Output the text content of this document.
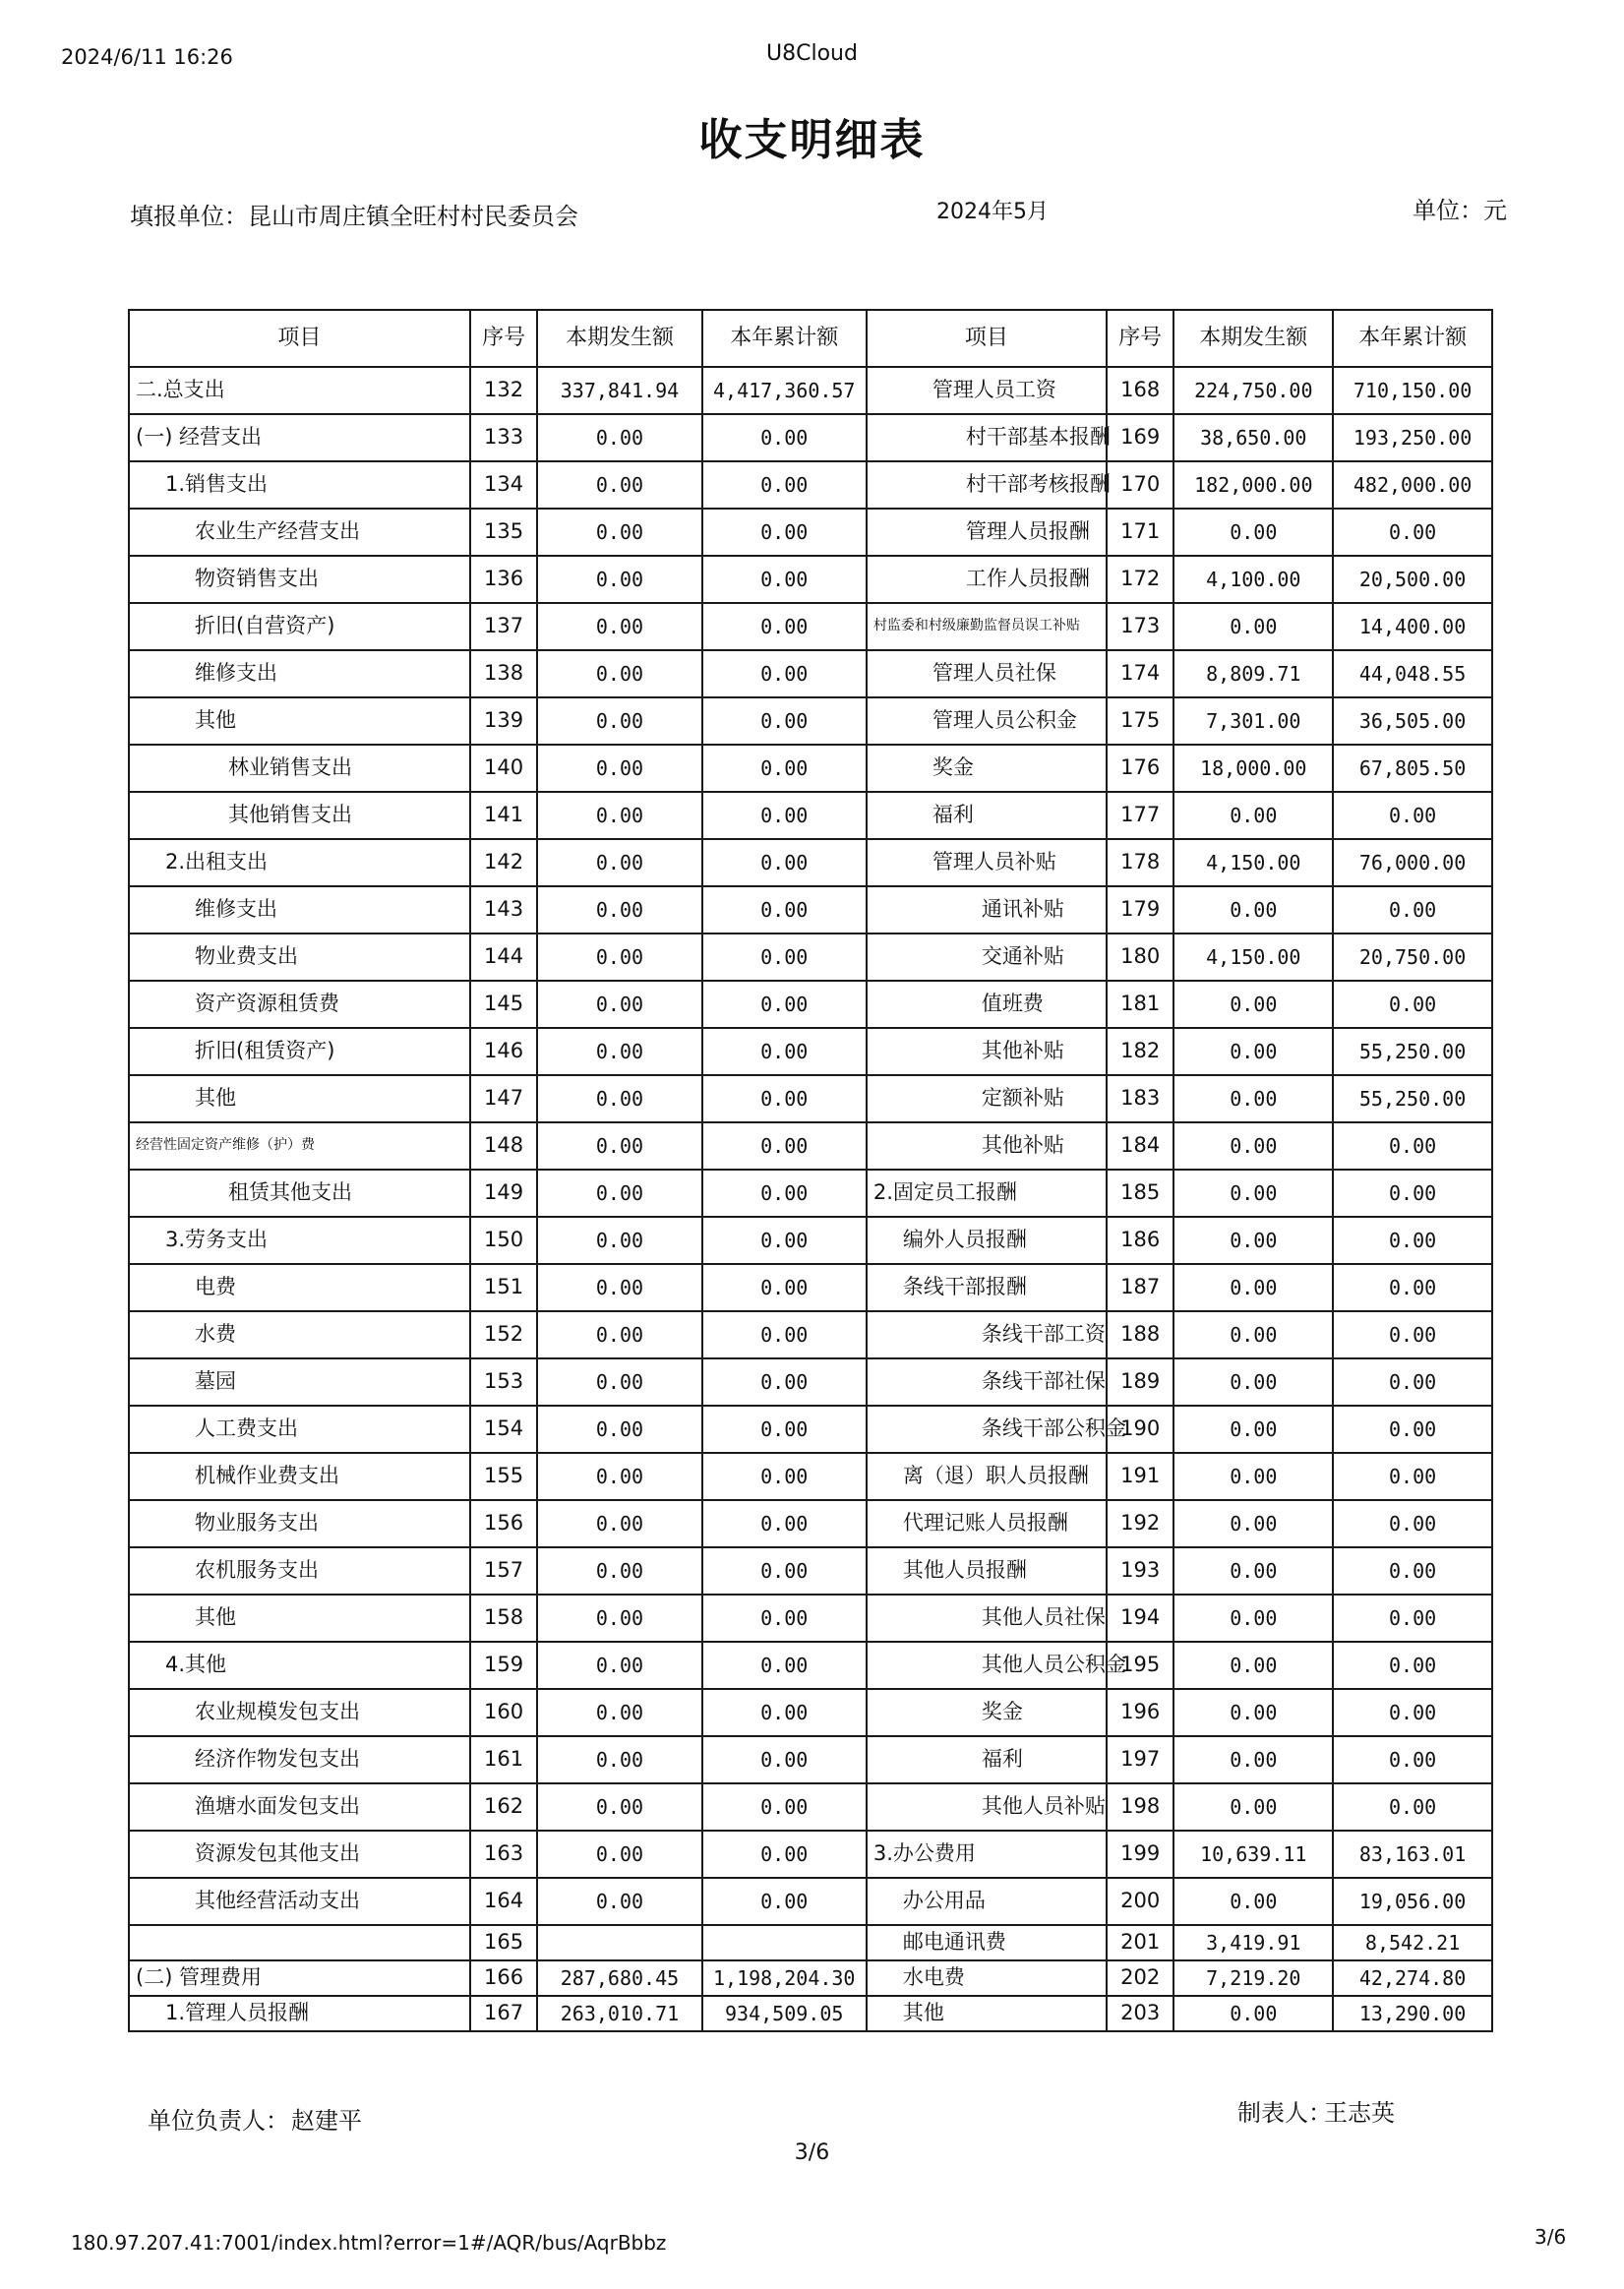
2024/6/11 16:26	U8Cloud
收支明细表
填报单位：昆山市周庄镇全旺村村民委员会	2024年5月	单位：元
项目	序号	本期发生额	本年累计额	项目	序号	本期发生额	本年累计额
二.总支出	132	337,841.94	4,417,360.57	管理人员工资	168	224,750.00	710,150.00
(一) 经营支出	133	0.00	0.00	村干部基本报酬	169	38,650.00	193,250.00
1.销售支出	134	0.00	0.00	村干部考核报酬	170	182,000.00	482,000.00
农业生产经营支出	135	0.00	0.00	管理人员报酬	171	0.00	0.00
物资销售支出	136	0.00	0.00	工作人员报酬	172	4,100.00	20,500.00
折旧(自营资产)	137	0.00	0.00	村监委和村级廉勤监督员误工补贴	173	0.00	14,400.00
维修支出	138	0.00	0.00	管理人员社保	174	8,809.71	44,048.55
其他	139	0.00	0.00	管理人员公积金	175	7,301.00	36,505.00
林业销售支出	140	0.00	0.00	奖金	176	18,000.00	67,805.50
其他销售支出	141	0.00	0.00	福利	177	0.00	0.00
2.出租支出	142	0.00	0.00	管理人员补贴	178	4,150.00	76,000.00
维修支出	143	0.00	0.00	通讯补贴	179	0.00	0.00
物业费支出	144	0.00	0.00	交通补贴	180	4,150.00	20,750.00
资产资源租赁费	145	0.00	0.00	值班费	181	0.00	0.00
折旧(租赁资产)	146	0.00	0.00	其他补贴	182	0.00	55,250.00
其他	147	0.00	0.00	定额补贴	183	0.00	55,250.00
经营性固定资产维修（护）费	148	0.00	0.00	其他补贴	184	0.00	0.00
租赁其他支出	149	0.00	0.00	2.固定员工报酬	185	0.00	0.00
3.劳务支出	150	0.00	0.00	编外人员报酬	186	0.00	0.00
电费	151	0.00	0.00	条线干部报酬	187	0.00	0.00
水费	152	0.00	0.00	条线干部工资	188	0.00	0.00
墓园	153	0.00	0.00	条线干部社保	189	0.00	0.00
人工费支出	154	0.00	0.00	条线干部公积金	190	0.00	0.00
机械作业费支出	155	0.00	0.00	离（退）职人员报酬	191	0.00	0.00
物业服务支出	156	0.00	0.00	代理记账人员报酬	192	0.00	0.00
农机服务支出	157	0.00	0.00	其他人员报酬	193	0.00	0.00
其他	158	0.00	0.00	其他人员社保	194	0.00	0.00
4.其他	159	0.00	0.00	其他人员公积金	195	0.00	0.00
农业规模发包支出	160	0.00	0.00	奖金	196	0.00	0.00
经济作物发包支出	161	0.00	0.00	福利	197	0.00	0.00
渔塘水面发包支出	162	0.00	0.00	其他人员补贴	198	0.00	0.00
资源发包其他支出	163	0.00	0.00	3.办公费用	199	10,639.11	83,163.01
其他经营活动支出	164	0.00	0.00	办公用品	200	0.00	19,056.00
	165			邮电通讯费	201	3,419.91	8,542.21
(二) 管理费用	166	287,680.45	1,198,204.30	水电费	202	7,219.20	42,274.80
1.管理人员报酬	167	263,010.71	934,509.05	其他	203	0.00	13,290.00
单位负责人： 赵建平	制表人：
王志英
3/6
180.97.207.41:7001/index.html?error=1#/AQR/bus/AqrBbbz	3/6
